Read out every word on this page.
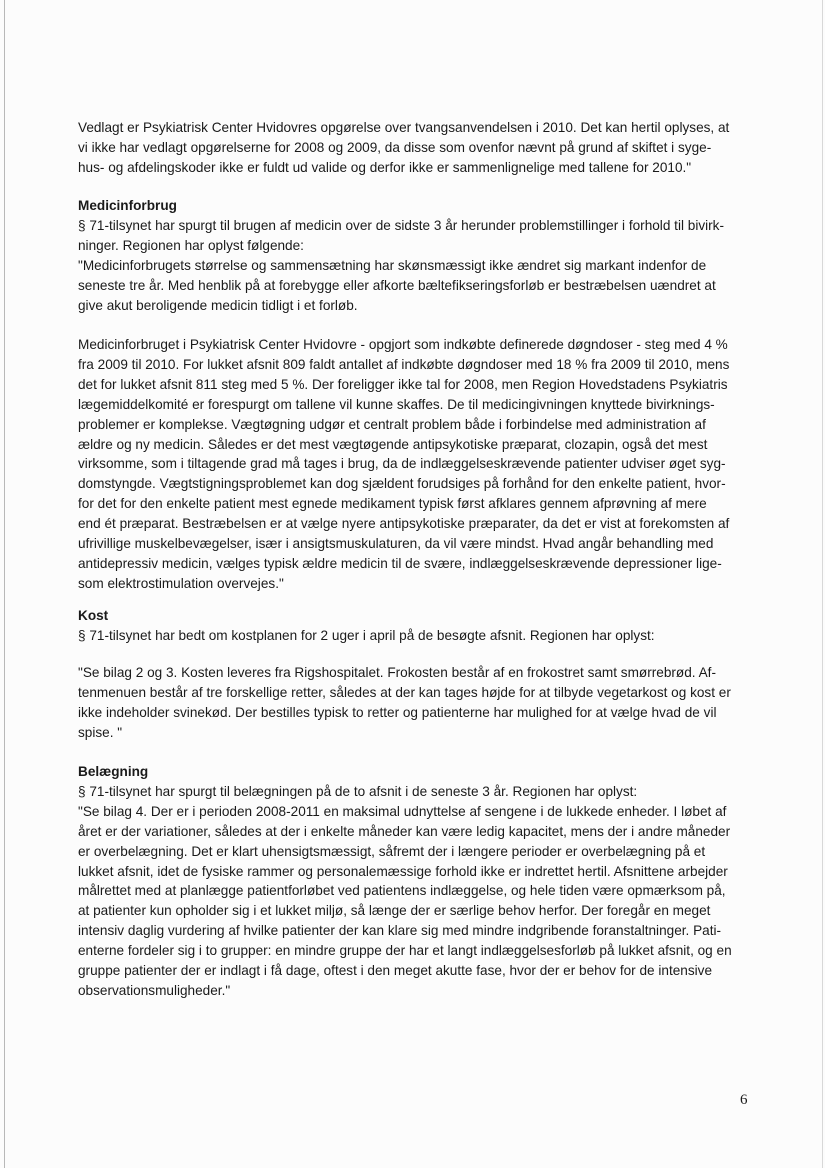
Vedlagt er Psykiatrisk Center Hvidovres opgørelse over tvangsanvendelsen i 2010. Det kan hertil oplyses, at
vi ikke har vedlagt opgørelserne for 2008 og 2009, da disse som ovenfor nævnt på grund af skiftet i syge-
hus- og afdelingskoder ikke er fuldt ud valide og derfor ikke er sammenlignelige med tallene for 2010."

Medicinforbrug

§ 71-tilsynet har spurgt til brugen af medicin over de sidste 3 år herunder problemstillinger i forhold til bivirk-
ninger. Regionen har oplyst følgende:
"Medicinforbrugets størrelse og sammensætning har skønsmæssigt ikke ændret sig markant indenfor de
seneste tre år. Med henblik på at forebygge eller afkorte bæltefikseringsforløb er bestræbelsen uændret at
give akut beroligende medicin tidligt i et forløb.

Medicinforbruget i Psykiatrisk Center Hvidovre - opgjort som indkøbte definerede døgndoser - steg med 4 %
fra 2009 til 2010. For lukket afsnit 809 faldt antallet af indkøbte døgndoser med 18 % fra 2009 til 2010, mens
det for lukket afsnit 811 steg med 5 %. Der foreligger ikke tal for 2008, men Region Hovedstadens Psykiatris
lægemiddelkomité er forespurgt om tallene vil kunne skaffes. De til medicingivningen knyttede bivirknings-
problemer er komplekse. Vægtøgning udgør et centralt problem både i forbindelse med administration af
ældre og ny medicin. Således er det mest vægtøgende antipsykotiske præparat, clozapin, også det mest
virksomme, som i tiltagende grad må tages i brug, da de indlæggelseskrævende patienter udviser øget syg-
domstyngde. Vægtstigningsproblemet kan dog sjældent forudsiges på forhånd for den enkelte patient, hvor-
for det for den enkelte patient mest egnede medikament typisk først afklares gennem afprøvning af mere
end ét præparat. Bestræbelsen er at vælge nyere antipsykotiske præparater, da det er vist at forekomsten af
ufrivillige muskelbevægelser, især i ansigtsmuskulaturen, da vil være mindst. Hvad angår behandling med
antidepressiv medicin, vælges typisk ældre medicin til de svære, indlæggelseskrævende depressioner lige-
som elektrostimulation overvejes."

Kost

§ 71-tilsynet har bedt om kostplanen for 2 uger i april på de besøgte afsnit. Regionen har oplyst:

"Se bilag 2 og 3. Kosten leveres fra Rigshospitalet. Frokosten består af en frokostret samt smørrebrød. Af-
tenmenuen består af tre forskellige retter, således at der kan tages højde for at tilbyde vegetarkost og kost er
ikke indeholder svinekød. Der bestilles typisk to retter og patienterne har mulighed for at vælge hvad de vil
spise. "

Belægning

§ 71-tilsynet har spurgt til belægningen på de to afsnit i de seneste 3 år. Regionen har oplyst:
"Se bilag 4. Der er i perioden 2008-2011 en maksimal udnyttelse af sengene i de lukkede enheder. I løbet af
året er der variationer, således at der i enkelte måneder kan være ledig kapacitet, mens der i andre måneder
er overbelægning. Det er klart uhensigtsmæssigt, såfremt der i længere perioder er overbelægning på et
lukket afsnit, idet de fysiske rammer og personalemæssige forhold ikke er indrettet hertil. Afsnittene arbejder
målrettet med at planlægge patientforløbet ved patientens indlæggelse, og hele tiden være opmærksom på,
at patienter kun opholder sig i et lukket miljø, så længe der er særlige behov herfor. Der foregår en meget
intensiv daglig vurdering af hvilke patienter der kan klare sig med mindre indgribende foranstaltninger. Pati-
enterne fordeler sig i to grupper: en mindre gruppe der har et langt indlæggelsesforløb på lukket afsnit, og en
gruppe patienter der er indlagt i få dage, oftest i den meget akutte fase, hvor der er behov for de intensive
observationsmuligheder."

6
